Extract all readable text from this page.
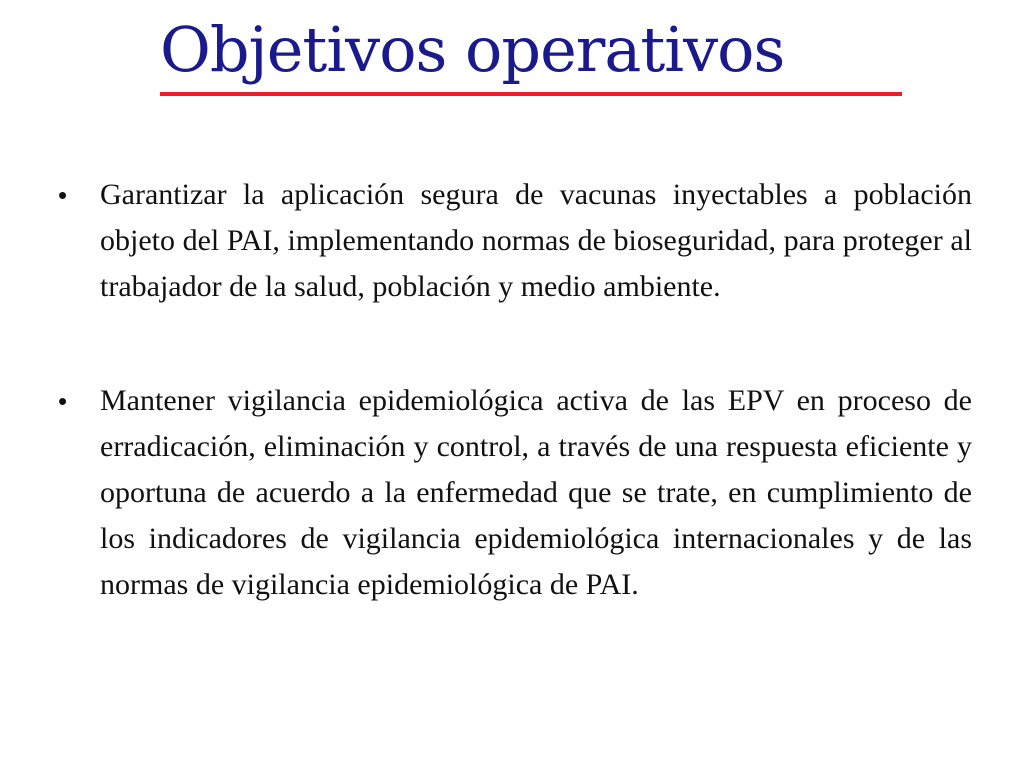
Objetivos operativos
• Garantizar la aplicación segura de vacunas inyectables a población objeto del PAI, implementando normas de bioseguridad, para proteger al trabajador de la salud, población y medio ambiente.
• Mantener vigilancia epidemiológica activa de las EPV en proceso de erradicación, eliminación y control, a través de una respuesta eficiente y oportuna de acuerdo a la enfermedad que se trate, en cumplimiento de los indicadores de vigilancia epidemiológica internacionales y de las normas de vigilancia epidemiológica de PAI.
